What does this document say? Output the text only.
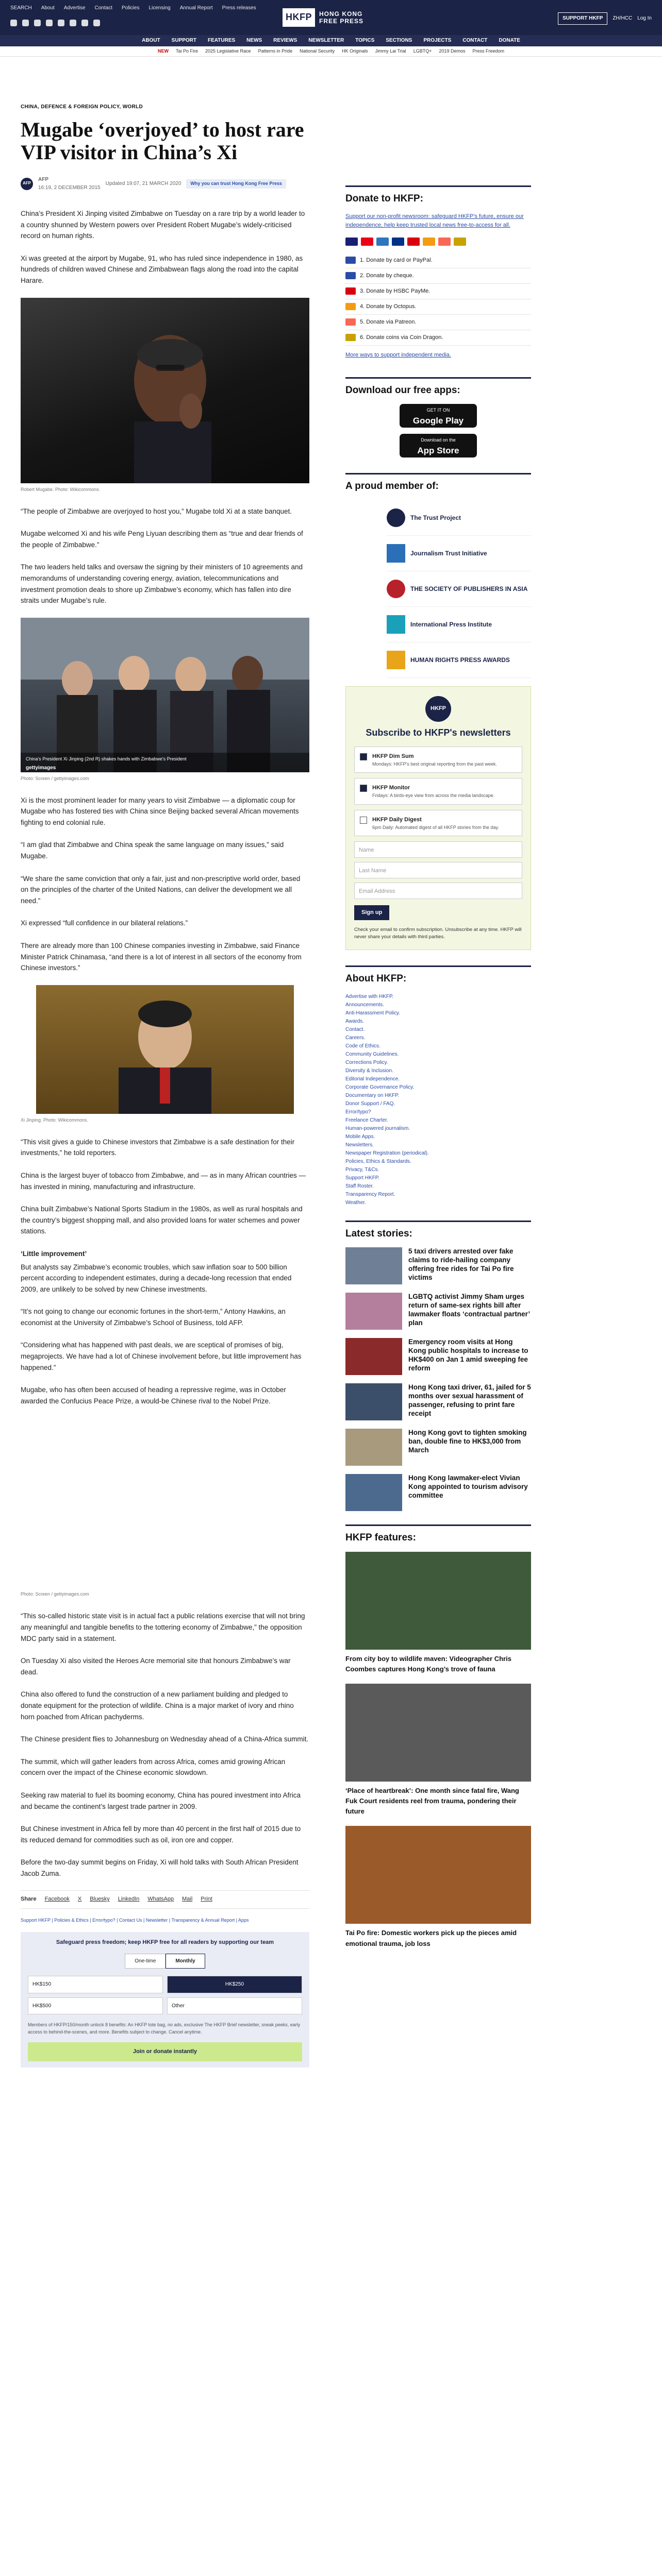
SEARCH About Advertise Contact Policies Licensing Annual Report Press releases
HKFP	HONG KONG
FREE PRESS	SUPPORT HKFP	ZH/HCC Log In
ABOUT SUPPORT FEATURES NEWS REVIEWS NEWSLETTER TOPICS SECTIONS PROJECTS CONTACT DONATE
NEW Tai Po Fire 2025 Legislative Race Patterns in Pride National Security HK Originals Jimmy Lai Trial LGBTQ+ 2019 Demos Press Freedom
CHINA, DEFENCE & FOREIGN POLICY, WORLD
Mugabe ‘overjoyed’ to host rare VIP visitor in China’s Xi
AFP
AFP
16:19, 2 DECEMBER 2015
Updated 19:07, 21 MARCH 2020	Why you can trust Hong Kong Free Press

China’s President Xi Jinping visited Zimbabwe on Tuesday on a rare trip by a world leader to a country shunned by Western powers over President Robert Mugabe’s widely-criticised record on human rights.

Xi was greeted at the airport by Mugabe, 91, who has ruled since independence in 1980, as hundreds of children waved Chinese and Zimbabwean flags along the road into the capital Harare.

Robert Mugabe. Photo: Wikicommons.

“The people of Zimbabwe are overjoyed to host you,” Mugabe told Xi at a state banquet.

Mugabe welcomed Xi and his wife Peng Liyuan describing them as “true and dear friends of the people of Zimbabwe.”

The two leaders held talks and oversaw the signing by their ministers of 10 agreements and memorandums of understanding covering energy, aviation, telecommunications and investment promotion deals to shore up Zimbabwe’s economy, which has fallen into dire straits under Mugabe’s rule.

China's President Xi Jinping (2nd R) shakes hands with Zimbabwe's President
gettyimages
Photo: Screen / gettyimages.com

Xi is the most prominent leader for many years to visit Zimbabwe — a diplomatic coup for Mugabe who has fostered ties with China since Beijing backed several African movements fighting to end colonial rule.

“I am glad that Zimbabwe and China speak the same language on many issues,” said Mugabe.

“We share the same conviction that only a fair, just and non-prescriptive world order, based on the principles of the charter of the United Nations, can deliver the development we all need.”

Xi expressed “full confidence in our bilateral relations.”

There are already more than 100 Chinese companies investing in Zimbabwe, said Finance Minister Patrick Chinamasa, “and there is a lot of interest in all sectors of the economy from Chinese investors.”

Xi Jinping. Photo: Wikicommons.

“This visit gives a guide to Chinese investors that Zimbabwe is a safe destination for their investments,” he told reporters.

China is the largest buyer of tobacco from Zimbabwe, and — as in many African countries — has invested in mining, manufacturing and infrastructure.

China built Zimbabwe’s National Sports Stadium in the 1980s, as well as rural hospitals and the country’s biggest shopping mall, and also provided loans for water schemes and power stations.

‘Little improvement’

But analysts say Zimbabwe’s economic troubles, which saw inflation soar to 500 billion percent according to independent estimates, during a decade-long recession that ended 2009, are unlikely to be solved by new Chinese investments.

“It’s not going to change our economic fortunes in the short-term,” Antony Hawkins, an economist at the University of Zimbabwe’s School of Business, told AFP.

“Considering what has happened with past deals, we are sceptical of promises of big, megaprojects. We have had a lot of Chinese involvement before, but little improvement has happened.”

Mugabe, who has often been accused of heading a repressive regime, was in October awarded the Confucius Peace Prize, a would-be Chinese rival to the Nobel Prize.

Photo: Screen / gettyimages.com

“This so-called historic state visit is in actual fact a public relations exercise that will not bring any meaningful and tangible benefits to the tottering economy of Zimbabwe,” the opposition MDC party said in a statement.

On Tuesday Xi also visited the Heroes Acre memorial site that honours Zimbabwe’s war dead.

China also offered to fund the construction of a new parliament building and pledged to donate equipment for the protection of wildlife. China is a major market of ivory and rhino horn poached from African pachyderms.

The Chinese president flies to Johannesburg on Wednesday ahead of a China-Africa summit.

The summit, which will gather leaders from across Africa, comes amid growing African concern over the impact of the Chinese economic slowdown.

Seeking raw material to fuel its booming economy, China has poured investment into Africa and became the continent’s largest trade partner in 2009.

But Chinese investment in Africa fell by more than 40 percent in the first half of 2015 due to its reduced demand for commodities such as oil, iron ore and copper.

Before the two-day summit begins on Friday, Xi will hold talks with South African President Jacob Zuma.

Share Facebook X Bluesky LinkedIn WhatsApp Mail Print
Support HKFP | Policies & Ethics | Error/typo? | Contact Us | Newsletter | Transparency & Annual Report | Apps
Safeguard press freedom; keep HKFP free for all readers by supporting our team
One-time	Monthly
HK$150	HK$250
HK$500	Other
Members of HKFP/150/month unlock 8 benefits: An HKFP tote bag, no ads, exclusive The HKFP Brief newsletter, sneak peeks, early access to behind-the-scenes, and more. Benefits subject to change. Cancel anytime.
Join or donate instantly
Donate to HKFP:

Support our non-profit newsroom: safeguard HKFP's future, ensure our independence, help keep trusted local news free-to-access for all.

1. Donate by card or PayPal.
2. Donate by cheque.
3. Donate by HSBC PayMe.
4. Donate by Octopus.
5. Donate via Patreon.
6. Donate coins via Coin Dragon.
More ways to support independent media.
Download our free apps:
GET IT ON
Google Play
Download on the
App Store
A proud member of:
The Trust Project
Journalism Trust Initiative
THE SOCIETY OF PUBLISHERS IN ASIA
International Press Institute
HUMAN RIGHTS PRESS AWARDS
HKFP
Subscribe to HKFP's newsletters
HKFP Dim Sum
Mondays: HKFP's best original reporting from the past week.
HKFP Monitor
Fridays: A birds-eye view from across the media landscape.
HKFP Daily Digest
6pm Daily: Automated digest of all HKFP stories from the day.
Name
Last Name
Email Address
Sign up
Check your email to confirm subscription. Unsubscribe at any time. HKFP will never share your details with third parties.
About HKFP:
Advertise with HKFP.
Announcements.
Anti-Harassment Policy.
Awards.
Contact.
Careers.
Code of Ethics.
Community Guidelines.
Corrections Policy.
Diversity & Inclusion.
Editorial Independence.
Corporate Governance Policy.
Documentary on HKFP.
Donor Support / FAQ.
Error/typo?
Freelance Charter.
Human-powered journalism.
Mobile Apps.
Newsletters.
Newspaper Registration (periodical).
Policies, Ethics & Standards.
Privacy, T&Cs.
Support HKFP.
Staff Roster.
Transparency Report.
Weather.
Latest stories:
5 taxi drivers arrested over fake claims to ride-hailing company offering free rides for Tai Po fire victims
LGBTQ activist Jimmy Sham urges return of same-sex rights bill after lawmaker floats ‘contractual partner’ plan
Emergency room visits at Hong Kong public hospitals to increase to HK$400 on Jan 1 amid sweeping fee reform
Hong Kong taxi driver, 61, jailed for 5 months over sexual harassment of passenger, refusing to print fare receipt
Hong Kong govt to tighten smoking ban, double fine to HK$3,000 from March
Hong Kong lawmaker-elect Vivian Kong appointed to tourism advisory committee
HKFP features:
From city boy to wildlife maven: Videographer Chris Coombes captures Hong Kong’s trove of fauna
‘Place of heartbreak’: One month since fatal fire, Wang Fuk Court residents reel from trauma, pondering their future
Tai Po fire: Domestic workers pick up the pieces amid emotional trauma, job loss
